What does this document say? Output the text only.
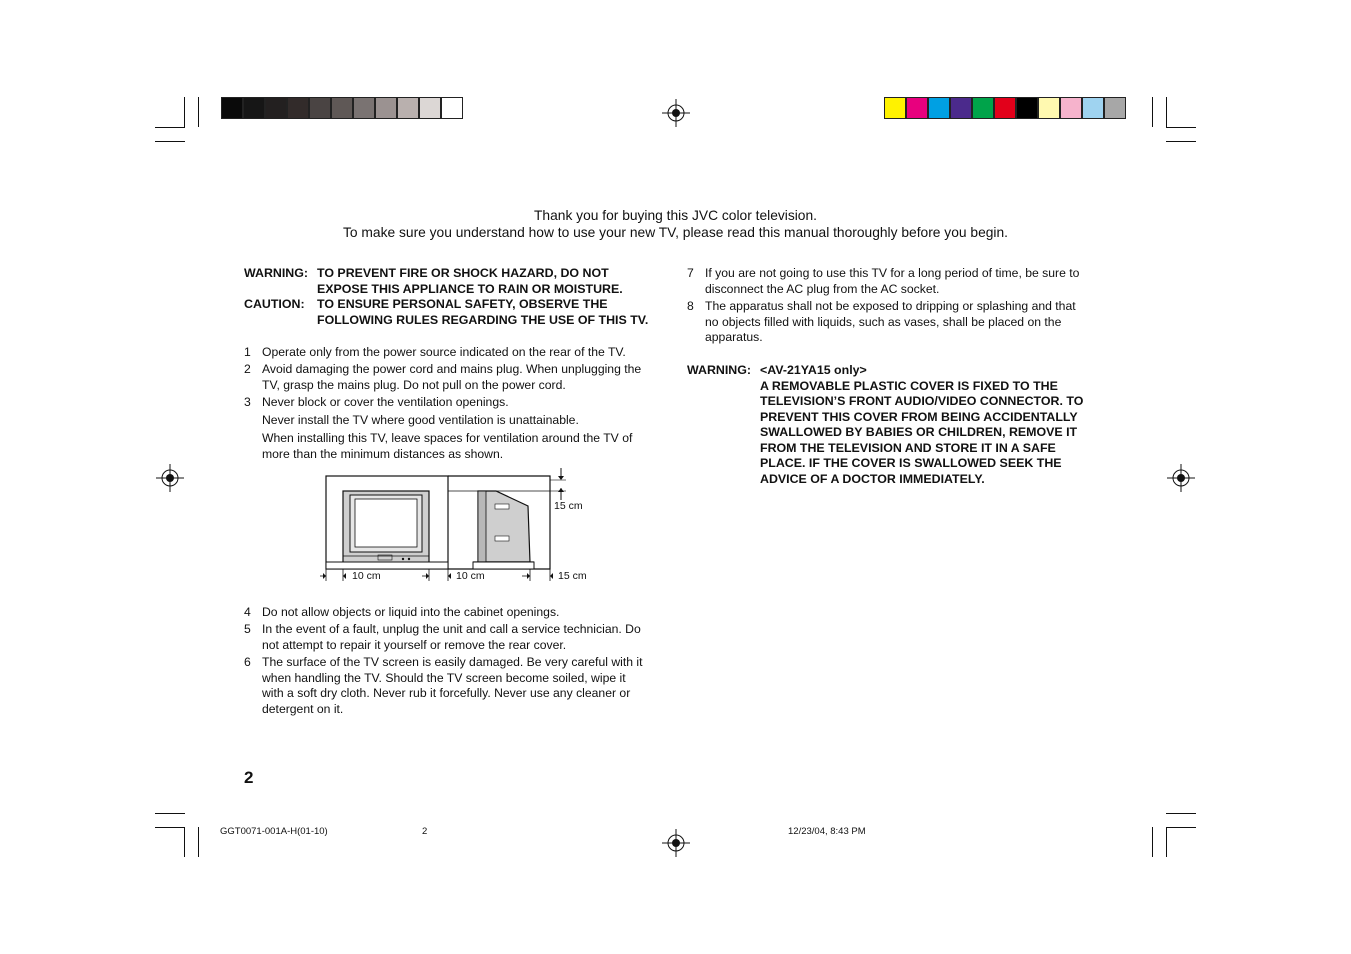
Thank you for buying this JVC color television.
To make sure you understand how to use your new TV, please read this manual thoroughly before you begin.
WARNING: TO PREVENT FIRE OR SHOCK HAZARD, DO NOT
EXPOSE THIS APPLIANCE TO RAIN OR MOISTURE.
CAUTION:	TO ENSURE PERSONAL SAFETY, OBSERVE THE
FOLLOWING RULES REGARDING THE USE OF THIS TV.
1 Operate only from the power source indicated on the rear of the TV.
2 Avoid damaging the power cord and mains plug. When unplugging the
TV, grasp the mains plug. Do not pull on the power cord.
3 Never block or cover the ventilation openings.
Never install the TV where good ventilation is unattainable.
When installing this TV, leave spaces for ventilation around the TV of
more than the minimum distances as shown.
15 cm
10 cm	10 cm	15 cm
4 Do not allow objects or liquid into the cabinet openings.
5 In the event of a fault, unplug the unit and call a service technician. Do
not attempt to repair it yourself or remove the rear cover.
6 The surface of the TV screen is easily damaged. Be very careful with it
when handling the TV. Should the TV screen become soiled, wipe it
with a soft dry cloth. Never rub it forcefully. Never use any cleaner or
detergent on it.
7 If you are not going to use this TV for a long period of time, be sure to
disconnect the AC plug from the AC socket.
8 The apparatus shall not be exposed to dripping or splashing and that
no objects filled with liquids, such as vases, shall be placed on the
apparatus.
WARNING: <AV-21YA15 only>
A REMOVABLE PLASTIC COVER IS FIXED TO THE
TELEVISION’S FRONT AUDIO/VIDEO CONNECTOR. TO
PREVENT THIS COVER FROM BEING ACCIDENTALLY
SWALLOWED BY BABIES OR CHILDREN, REMOVE IT
FROM THE TELEVISION AND STORE IT IN A SAFE
PLACE. IF THE COVER IS SWALLOWED SEEK THE
ADVICE OF A DOCTOR IMMEDIATELY.
2
GGT0071-001A-H(01-10)	2	12/23/04, 8:43 PM
